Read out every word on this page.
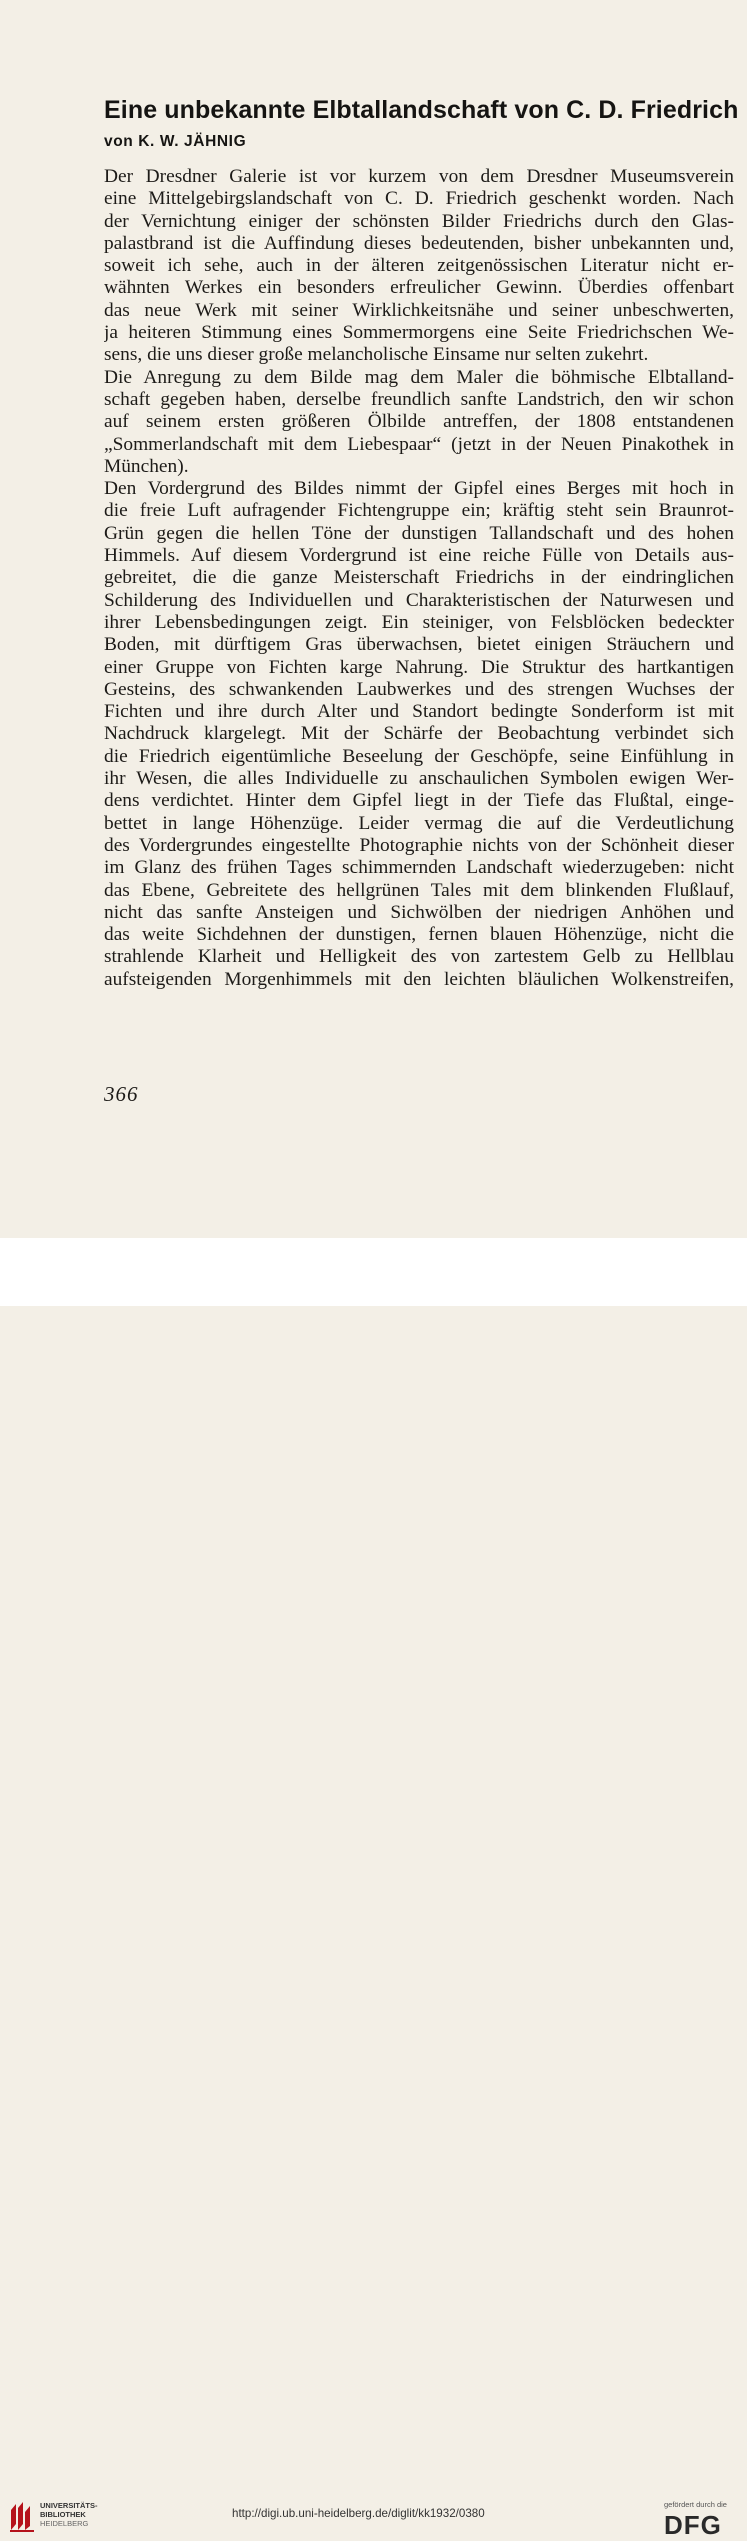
Eine unbekannte Elbtallandschaft von C. D. Friedrich
von K. W. JÄHNIG

Der Dresdner Galerie ist vor kurzem von dem Dresdner Museumsverein
eine Mittelgebirgslandschaft von C. D. Friedrich geschenkt worden. Nach
der Vernichtung einiger der schönsten Bilder Friedrichs durch den Glas-
palastbrand ist die Auffindung dieses bedeutenden, bisher unbekannten und,
soweit ich sehe, auch in der älteren zeitgenössischen Literatur nicht er-
wähnten Werkes ein besonders erfreulicher Gewinn. Überdies offenbart
das neue Werk mit seiner Wirklichkeitsnähe und seiner unbeschwerten,
ja heiteren Stimmung eines Sommermorgens eine Seite Friedrichschen We-
sens, die uns dieser große melancholische Einsame nur selten zukehrt.

Die Anregung zu dem Bilde mag dem Maler die böhmische Elbtalland-
schaft gegeben haben, derselbe freundlich sanfte Landstrich, den wir schon
auf seinem ersten größeren Ölbilde antreffen, der 1808 entstandenen
„Sommerlandschaft mit dem Liebespaar“ (jetzt in der Neuen Pinakothek in
München).

Den Vordergrund des Bildes nimmt der Gipfel eines Berges mit hoch in
die freie Luft aufragender Fichtengruppe ein; kräftig steht sein Braunrot-
Grün gegen die hellen Töne der dunstigen Tallandschaft und des hohen
Himmels. Auf diesem Vordergrund ist eine reiche Fülle von Details aus-
gebreitet, die die ganze Meisterschaft Friedrichs in der eindringlichen
Schilderung des Individuellen und Charakteristischen der Naturwesen und
ihrer Lebensbedingungen zeigt. Ein steiniger, von Felsblöcken bedeckter
Boden, mit dürftigem Gras überwachsen, bietet einigen Sträuchern und
einer Gruppe von Fichten karge Nahrung. Die Struktur des hartkantigen
Gesteins, des schwankenden Laubwerkes und des strengen Wuchses der
Fichten und ihre durch Alter und Standort bedingte Sonderform ist mit
Nachdruck klargelegt. Mit der Schärfe der Beobachtung verbindet sich
die Friedrich eigentümliche Beseelung der Geschöpfe, seine Einfühlung in
ihr Wesen, die alles Individuelle zu anschaulichen Symbolen ewigen Wer-
dens verdichtet. Hinter dem Gipfel liegt in der Tiefe das Flußtal, einge-
bettet in lange Höhenzüge. Leider vermag die auf die Verdeutlichung
des Vordergrundes eingestellte Photographie nichts von der Schönheit dieser
im Glanz des frühen Tages schimmernden Landschaft wiederzugeben: nicht
das Ebene, Gebreitete des hellgrünen Tales mit dem blinkenden Flußlauf,
nicht das sanfte Ansteigen und Sichwölben der niedrigen Anhöhen und
das weite Sichdehnen der dunstigen, fernen blauen Höhenzüge, nicht die
strahlende Klarheit und Helligkeit des von zartestem Gelb zu Hellblau
aufsteigenden Morgenhimmels mit den leichten bläulichen Wolkenstreifen,

366
UNIVERSITÄTS-
BIBLIOTHEK
HEIDELBERG
http://digi.ub.uni-heidelberg.de/diglit/kk1932/0380
gefördert durch die
DFG
